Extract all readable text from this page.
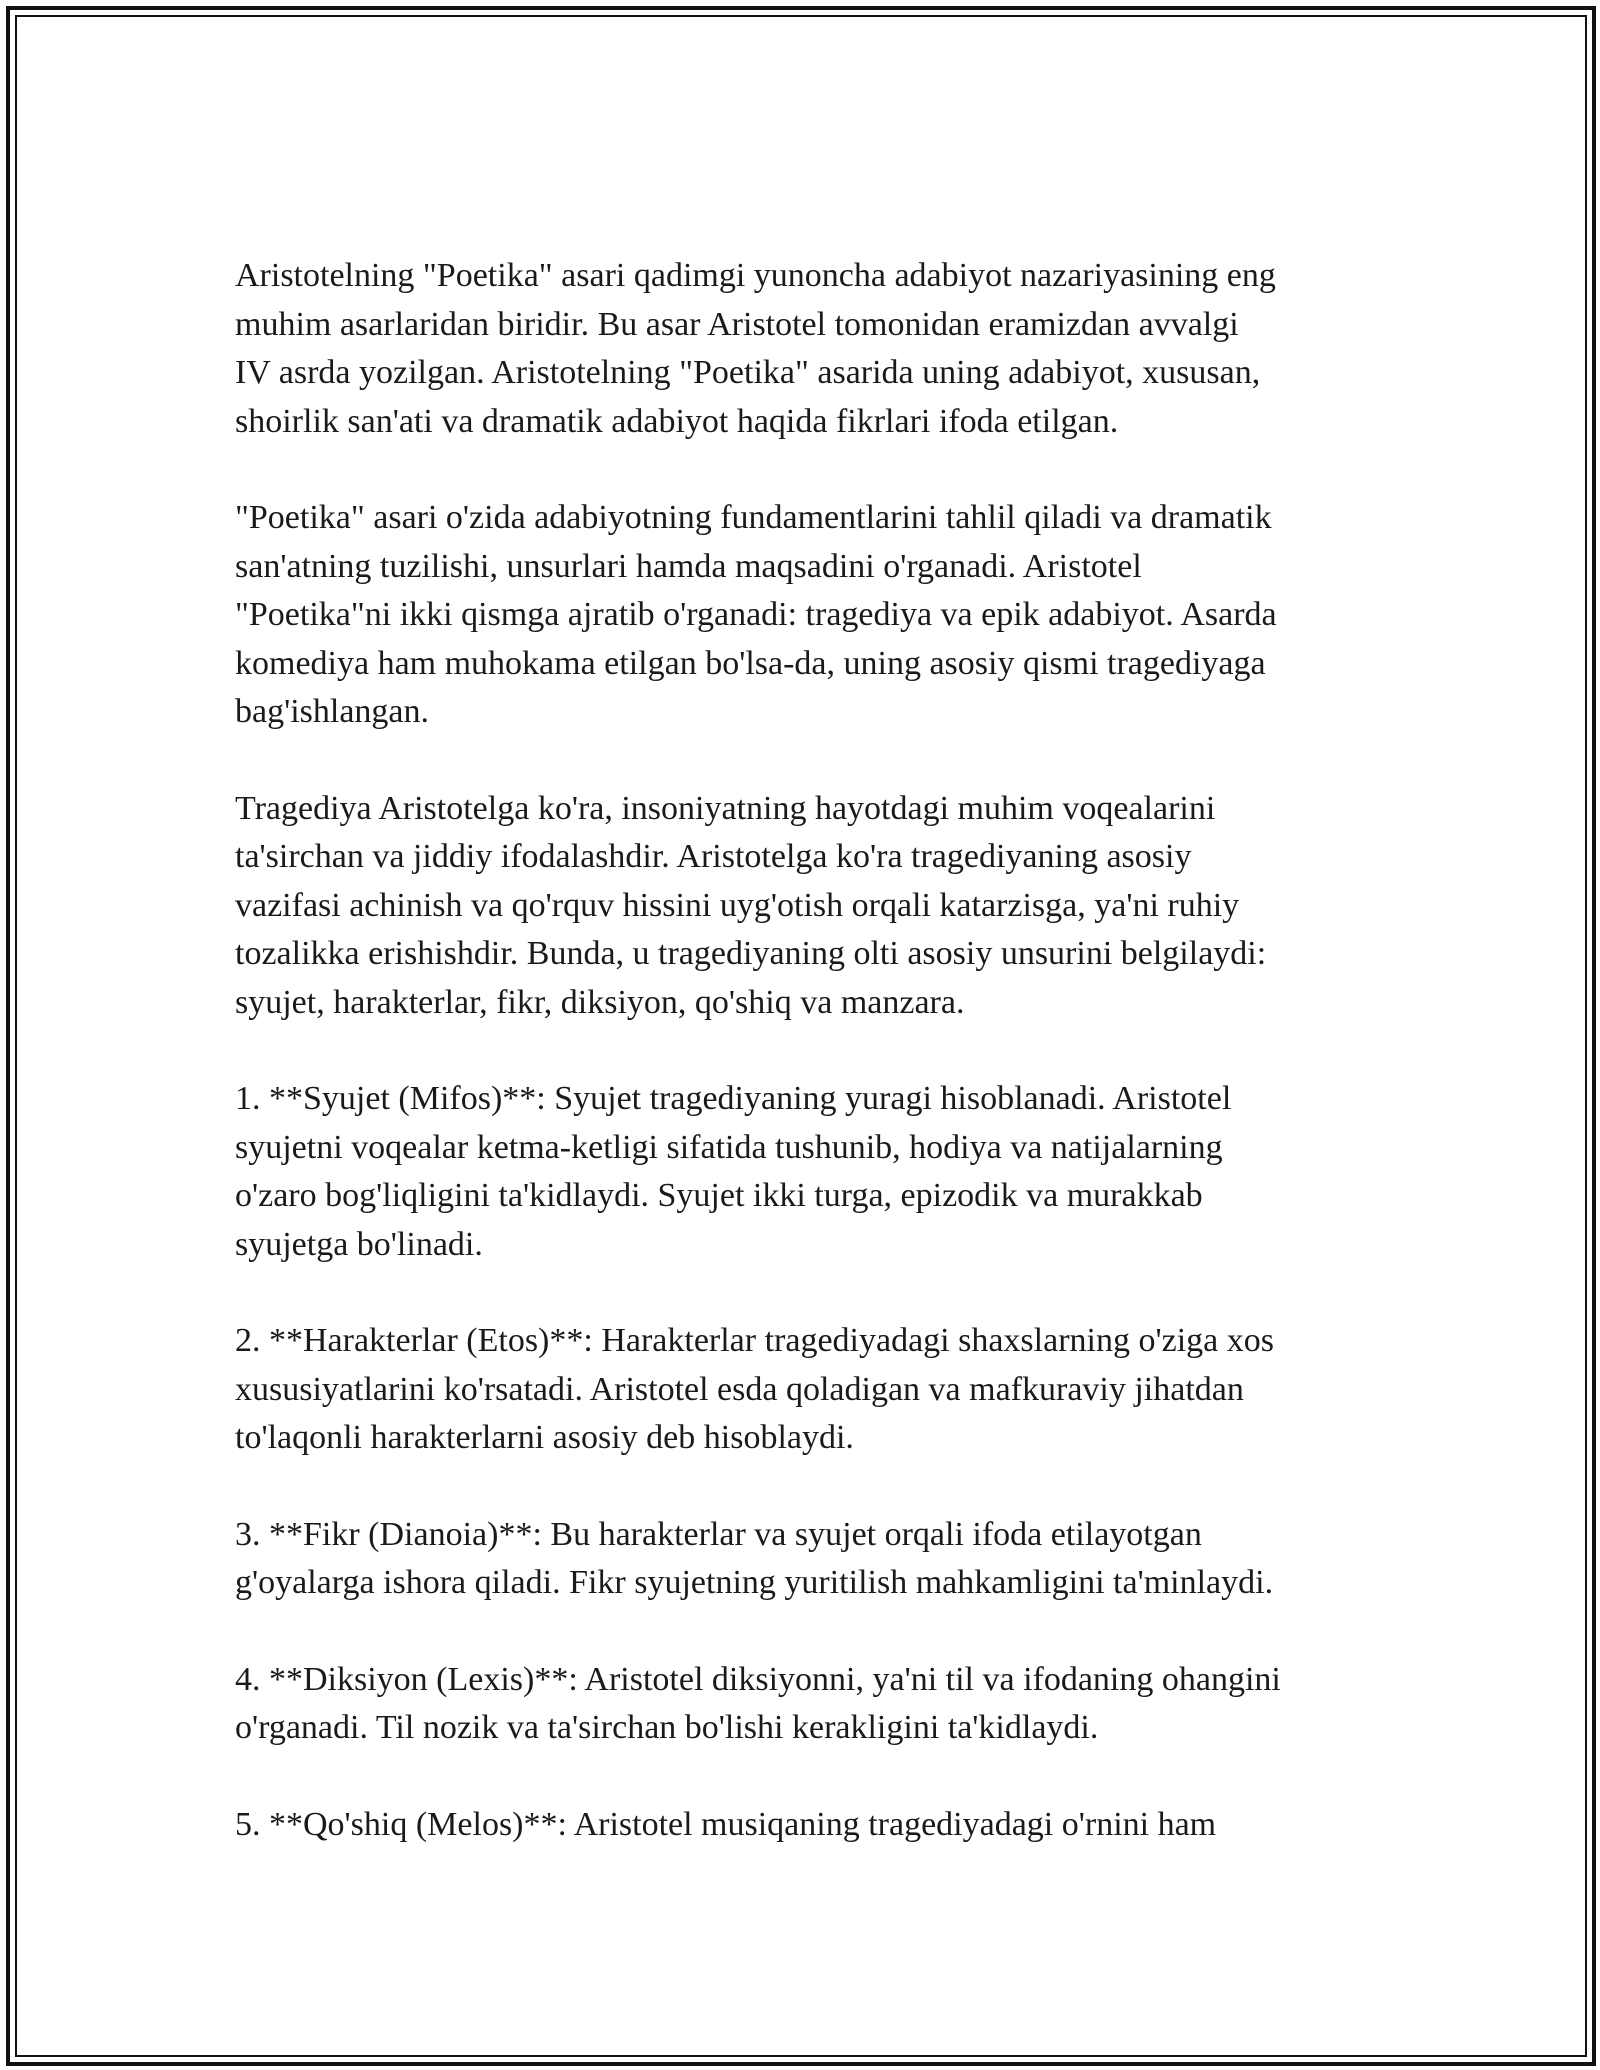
Aristotelning "Poetika" asari qadimgi yunoncha adabiyot nazariyasining eng
muhim asarlaridan biridir. Bu asar Aristotel tomonidan eramizdan avvalgi
IV asrda yozilgan. Aristotelning "Poetika" asarida uning adabiyot, xususan,
shoirlik san'ati va dramatik adabiyot haqida fikrlari ifoda etilgan.

"Poetika" asari o'zida adabiyotning fundamentlarini tahlil qiladi va dramatik
san'atning tuzilishi, unsurlari hamda maqsadini o'rganadi. Aristotel
"Poetika"ni ikki qismga ajratib o'rganadi: tragediya va epik adabiyot. Asarda
komediya ham muhokama etilgan bo'lsa-da, uning asosiy qismi tragediyaga
bag'ishlangan.

Tragediya Aristotelga ko'ra, insoniyatning hayotdagi muhim voqealarini
ta'sirchan va jiddiy ifodalashdir. Aristotelga ko'ra tragediyaning asosiy
vazifasi achinish va qo'rquv hissini uyg'otish orqali katarzisga, ya'ni ruhiy
tozalikka erishishdir. Bunda, u tragediyaning olti asosiy unsurini belgilaydi:
syujet, harakterlar, fikr, diksiyon, qo'shiq va manzara.

1. **Syujet (Mifos)**: Syujet tragediyaning yuragi hisoblanadi. Aristotel
syujetni voqealar ketma-ketligi sifatida tushunib, hodiya va natijalarning
o'zaro bog'liqligini ta'kidlaydi. Syujet ikki turga, epizodik va murakkab
syujetga bo'linadi.

2. **Harakterlar (Etos)**: Harakterlar tragediyadagi shaxslarning o'ziga xos
xususiyatlarini ko'rsatadi. Aristotel esda qoladigan va mafkuraviy jihatdan
to'laqonli harakterlarni asosiy deb hisoblaydi.

3. **Fikr (Dianoia)**: Bu harakterlar va syujet orqali ifoda etilayotgan
g'oyalarga ishora qiladi. Fikr syujetning yuritilish mahkamligini ta'minlaydi.

4. **Diksiyon (Lexis)**: Aristotel diksiyonni, ya'ni til va ifodaning ohangini
o'rganadi. Til nozik va ta'sirchan bo'lishi kerakligini ta'kidlaydi.

5. **Qo'shiq (Melos)**: Aristotel musiqaning tragediyadagi o'rnini ham
